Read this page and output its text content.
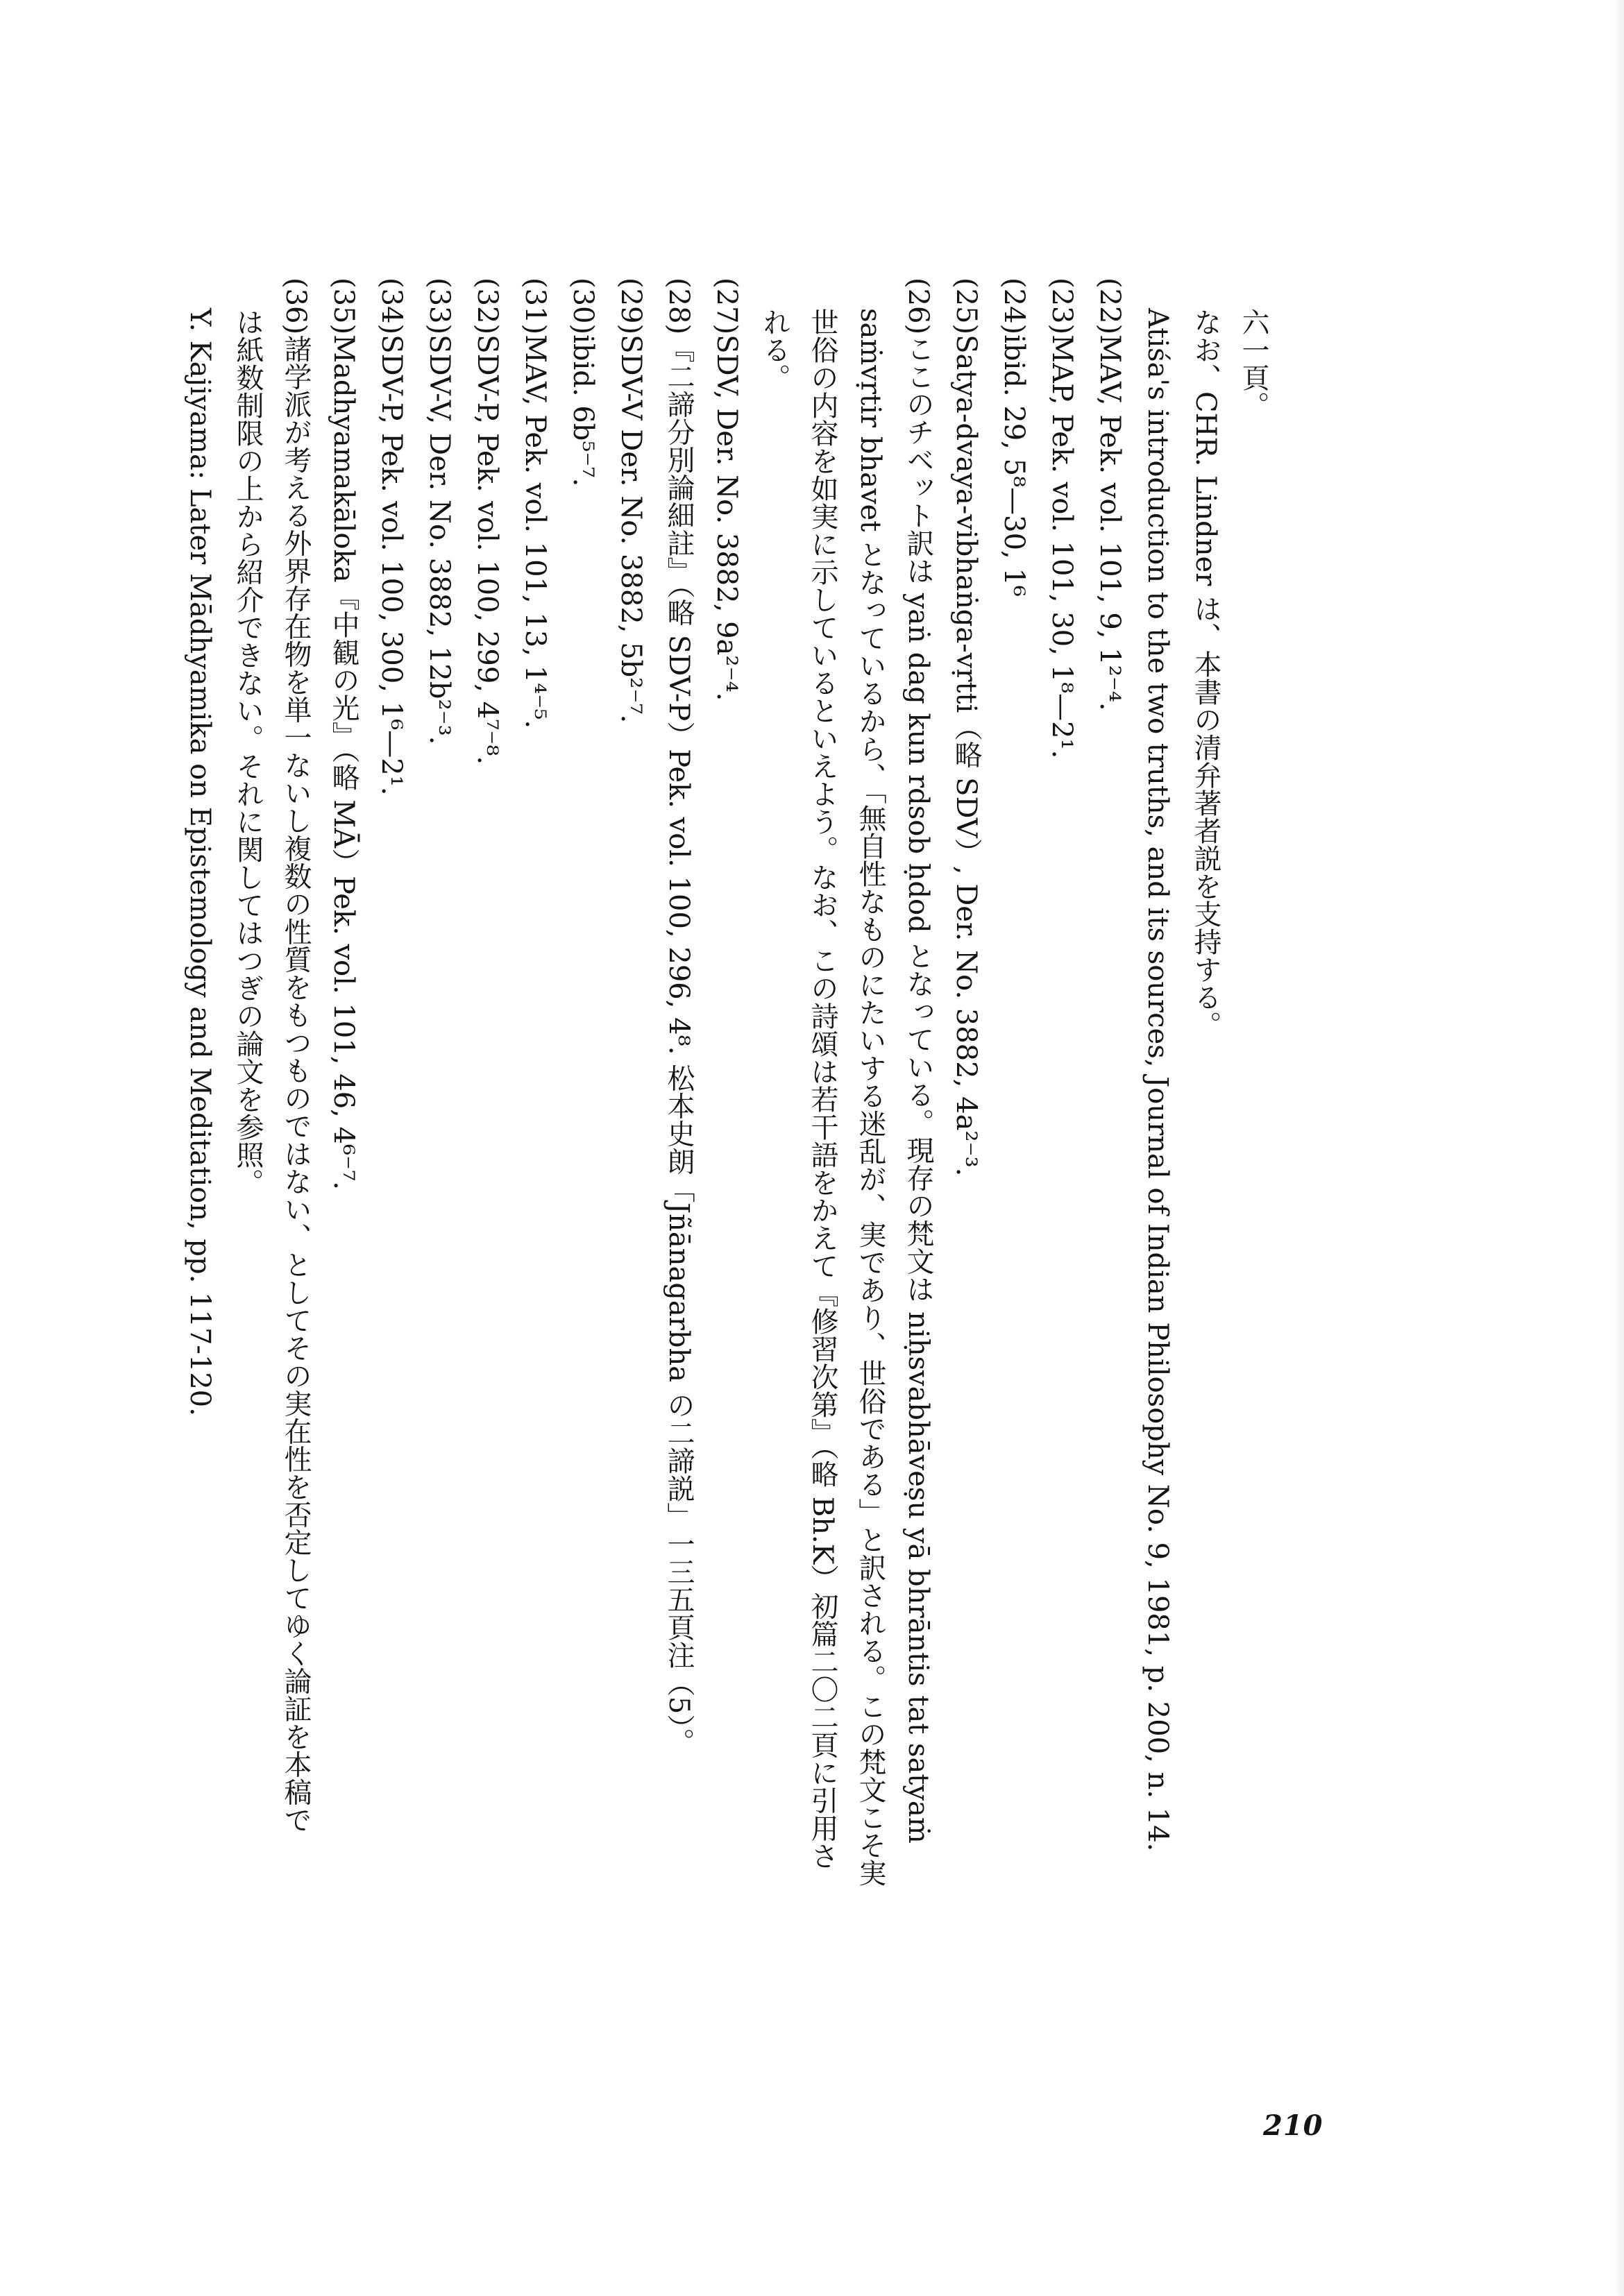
六一頁。
なお、CHR. Lindner は、本書の清弁著者説を支持する。
Atiśa's introduction to the two truths, and its sources, Journal of Indian Philosophy No. 9, 1981, p. 200, n. 14.
(22)MAV, Pek. vol. 101, 9, 1²⁻⁴.
(23)MAP, Pek. vol. 101, 30, 1⁸—2¹.
(24)ibid. 29, 5⁸—30, 1⁶
(25)Satya-dvaya-vibhaṅga-vṛtti（略 SDV）, Der. No. 3882, 4a²⁻³.
(26)ここのチベット訳は yaṅ dag kun rdsob ḥdod となっている。現存の梵文は niḥsvabhāveṣu yā bhrāntis tat satyaṁ
saṁvṛtir bhavet となっているから、「無自性なものにたいする迷乱が、実であり、世俗である」と訳される。この梵文こそ実
世俗の内容を如実に示しているといえよう。なお、この詩頌は若干語をかえて『修習次第』（略 Bh.K）初篇二〇二頁に引用さ
れる。
(27)SDV, Der. No. 3882, 9a²⁻⁴.
(28)『二諦分別論細註』（略 SDV-P）Pek. vol. 100, 296, 4⁸. 松本史朗「Jñānagarbha の二諦説」一三五頁注（5）。
(29)SDV-V Der. No. 3882, 5b²⁻⁷.
(30)ibid. 6b⁵⁻⁷.
(31)MAV, Pek. vol. 101, 13, 1⁴⁻⁵.
(32)SDV-P, Pek. vol. 100, 299, 4⁷⁻⁸.
(33)SDV-V, Der. No. 3882, 12b²⁻³.
(34)SDV-P, Pek. vol. 100, 300, 1⁶—2¹.
(35)Madhyamakāloka『中観の光』（略 MĀ）Pek. vol. 101, 46, 4⁶⁻⁷.
(36)諸学派が考える外界存在物を単一ないし複数の性質をもつものではない、としてその実在性を否定してゆく論証を本稿で
は紙数制限の上から紹介できない。それに関してはつぎの論文を参照。
Y. Kajiyama: Later Mādhyamika on Epistemology and Meditation, pp. 117-120.
210
